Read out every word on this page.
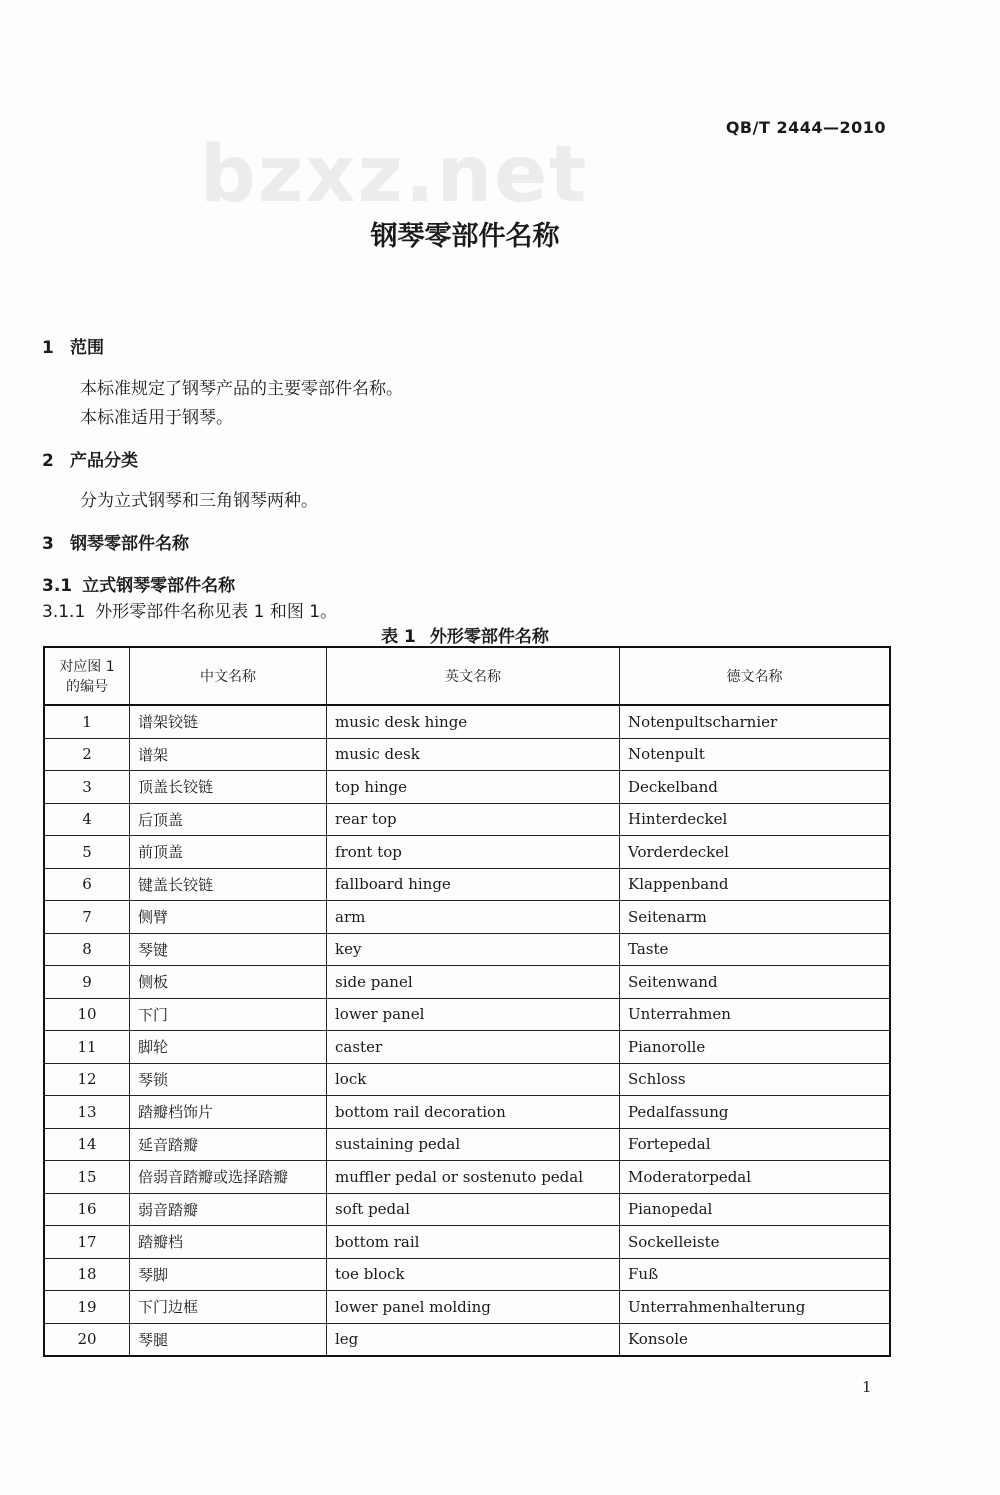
QB/T 2444—2010
bzxz.net
钢琴零部件名称
1 范围
本标准规定了钢琴产品的主要零部件名称。
本标准适用于钢琴。
2 产品分类
分为立式钢琴和三角钢琴两种。
3 钢琴零部件名称
3.1 立式钢琴零部件名称
3.1.1 外形零部件名称见表 1 和图 1。
表 1 外形零部件名称
对应图 1 的编号	中文名称	英文名称	德文名称
1	谱架铰链	music desk hinge	Notenpultscharnier
2	谱架	music desk	Notenpult
3	顶盖长铰链	top hinge	Deckelband
4	后顶盖	rear top	Hinterdeckel
5	前顶盖	front top	Vorderdeckel
6	键盖长铰链	fallboard hinge	Klappenband
7	侧臂	arm	Seitenarm
8	琴键	key	Taste
9	侧板	side panel	Seitenwand
10	下门	lower panel	Unterrahmen
11	脚轮	caster	Pianorolle
12	琴锁	lock	Schloss
13	踏瓣档饰片	bottom rail decoration	Pedalfassung
14	延音踏瓣	sustaining pedal	Fortepedal
15	倍弱音踏瓣或选择踏瓣	muffler pedal or sostenuto pedal	Moderatorpedal
16	弱音踏瓣	soft pedal	Pianopedal
17	踏瓣档	bottom rail	Sockelleiste
18	琴脚	toe block	Fuß
19	下门边框	lower panel molding	Unterrahmenhalterung
20	琴腿	leg	Konsole
1
